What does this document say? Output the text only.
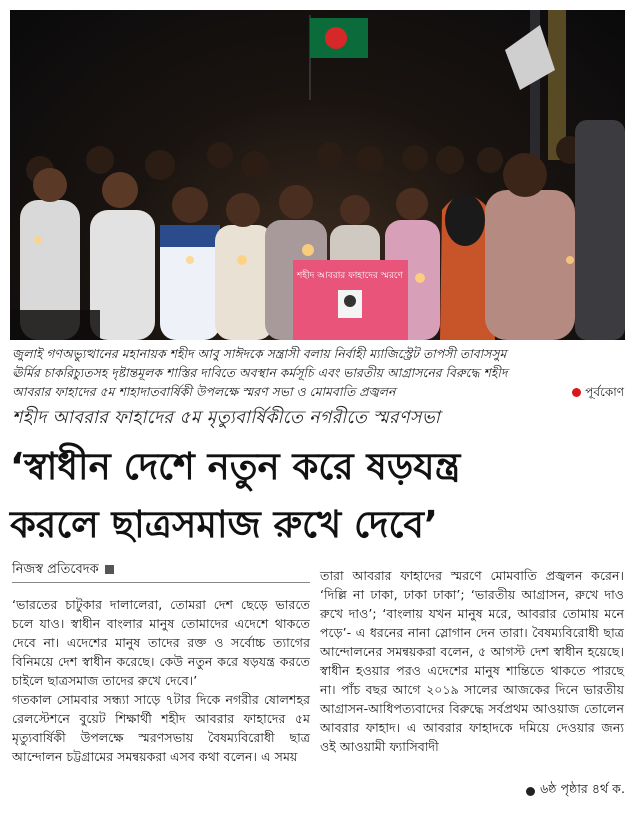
শহীদ আবরার ফাহাদের স্মরণে
জুলাই গণঅভ্যুত্থানের মহানায়ক শহীদ আবু সাঈদকে সন্ত্রাসী বলায় নির্বাহী ম্যাজিস্ট্রেট তাপসী তাবাসসুম
ঊর্মির চাকরিচ্যুতসহ দৃষ্টান্তমূলক শাস্তির দাবিতে অবস্থান কর্মসূচি এবং ভারতীয় আগ্রাসনের বিরুদ্ধে শহীদ
আবরার ফাহাদের ৫ম শাহাদাতবার্ষিকী উপলক্ষে স্মরণ সভা ও মোমবাতি প্রজ্বলন	পূর্বকোণ
শহীদ আবরার ফাহাদের ৫ম মৃত্যুবার্ষিকীতে নগরীতে স্মরণসভা
‘স্বাধীন দেশে নতুন করে ষড়যন্ত্র
করলে ছাত্রসমাজ রুখে দেবে’
নিজস্ব প্রতিবেদক

‘ভারতের চাটুকার দালালেরা, তোমরা দেশ ছেড়ে ভারতে চলে যাও। স্বাধীন বাংলার মানুষ তোমাদের এদেশে থাকতে দেবে না। এদেশের মানুষ তাদের রক্ত ও সর্বোচ্চ ত্যাগের বিনিময়ে দেশ স্বাধীন করেছে। কেউ নতুন করে ষড়যন্ত্র করতে চাইলে ছাত্রসমাজ তাদের রুখে দেবে।’

গতকাল সোমবার সন্ধ্যা সাড়ে ৭টার দিকে নগরীর ষোলশহর রেলস্টেশনে বুয়েট শিক্ষার্থী শহীদ আবরার ফাহাদের ৫ম মৃত্যুবার্ষিকী উপলক্ষে স্মরণসভায় বৈষম্যবিরোধী ছাত্র আন্দোলন চট্টগ্রামের সমন্বয়করা এসব কথা বলেন। এ সময়

তারা আবরার ফাহাদের স্মরণে মোমবাতি প্রজ্বলন করেন। ‘দিল্লি না ঢাকা, ঢাকা ঢাকা’; ‘ভারতীয় আগ্রাসন, রুখে দাও রুখে দাও’; ‘বাংলায় যখন মানুষ মরে, আবরার তোমায় মনে পড়ে’- এ ধরনের নানা স্লোগান দেন তারা। বৈষম্যবিরোধী ছাত্র আন্দোলনের সমন্বয়করা বলেন, ৫ আগস্ট দেশ স্বাধীন হয়েছে। স্বাধীন হওয়ার পরও এদেশের মানুষ শান্তিতে থাকতে পারছে না। পাঁচ বছর আগে ২০১৯ সালের আজকের দিনে ভারতীয় আগ্রাসন-আধিপত্যবাদের বিরুদ্ধে সর্বপ্রথম আওয়াজ তোলেন আবরার ফাহাদ। এ আবরার ফাহাদকে দমিয়ে দেওয়ার জন্য ওই আওয়ামী ফ্যাসিবাদী

৬ষ্ঠ পৃষ্ঠার ৪র্থ ক.
